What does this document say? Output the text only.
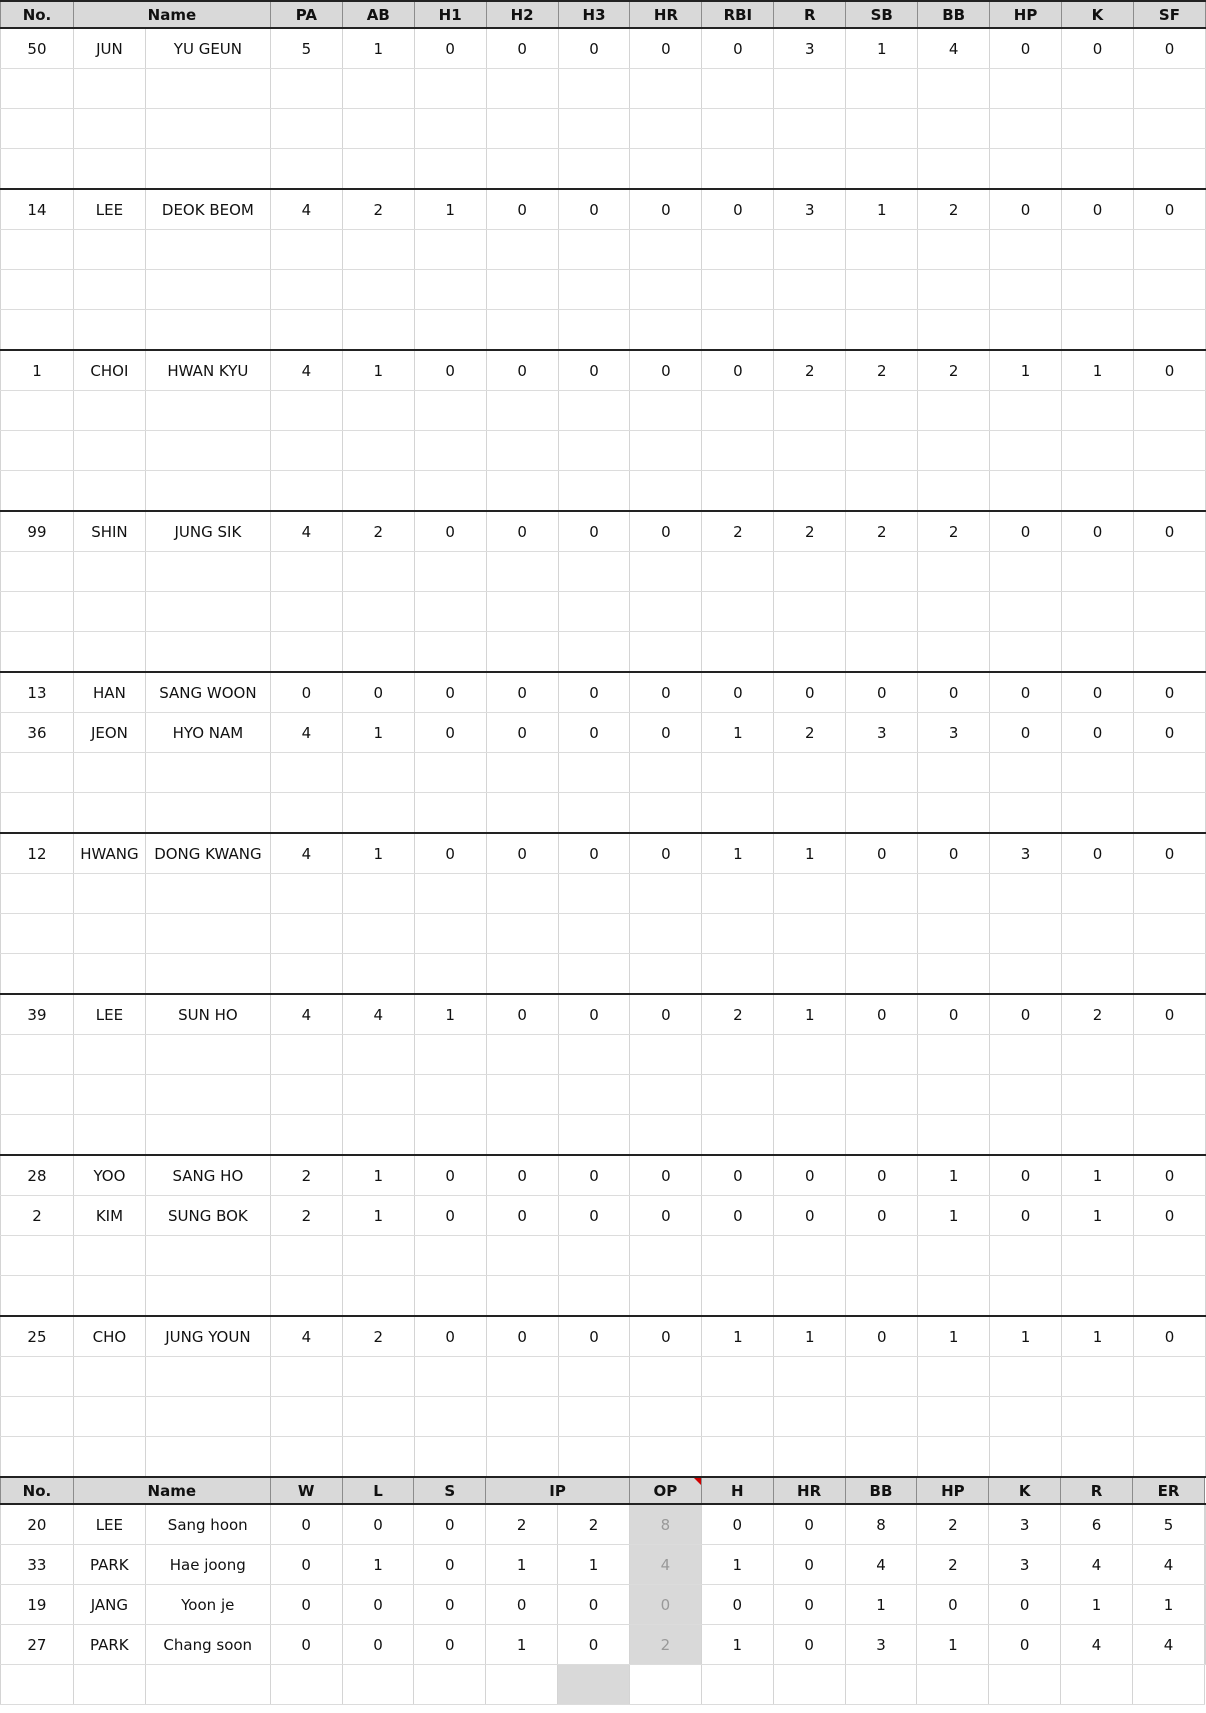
No.	Name		PA	AB	H1	H2	H3	HR	RBI	R	SB	BB	HP	K	SF
50	JUN	YU GEUN	5	1	0	0	0	0	0	3	1	4	0	0	0

14	LEE	DEOK BEOM	4	2	1	0	0	0	0	3	1	2	0	0	0

1	CHOI	HWAN KYU	4	1	0	0	0	0	0	2	2	2	1	1	0

99	SHIN	JUNG SIK	4	2	0	0	0	0	2	2	2	2	0	0	0

13	HAN	SANG WOON	0	0	0	0	0	0	0	0	0	0	0	0	0
36	JEON	HYO NAM	4	1	0	0	0	0	1	2	3	3	0	0	0

12	HWANG	DONG KWANG	4	1	0	0	0	0	1	1	0	0	3	0	0

39	LEE	SUN HO	4	4	1	0	0	0	2	1	0	0	0	2	0

28	YOO	SANG HO	2	1	0	0	0	0	0	0	0	1	0	1	0
2	KIM	SUNG BOK	2	1	0	0	0	0	0	0	0	1	0	1	0

25	CHO	JUNG YOUN	4	2	0	0	0	0	1	1	0	1	1	1	0

No.	Name		W	L	S	IP		OP	H	HR	BB	HP	K	R	ER	
20	LEE	Sang hoon	0	0	0	2	2	8	0	0	8	2	3	6	5	
33	PARK	Hae joong	0	1	0	1	1	4	1	0	4	2	3	4	4	
19	JANG	Yoon je	0	0	0	0	0	0	0	0	1	0	0	1	1	
27	PARK	Chang soon	0	0	0	1	0	2	1	0	3	1	0	4	4	
